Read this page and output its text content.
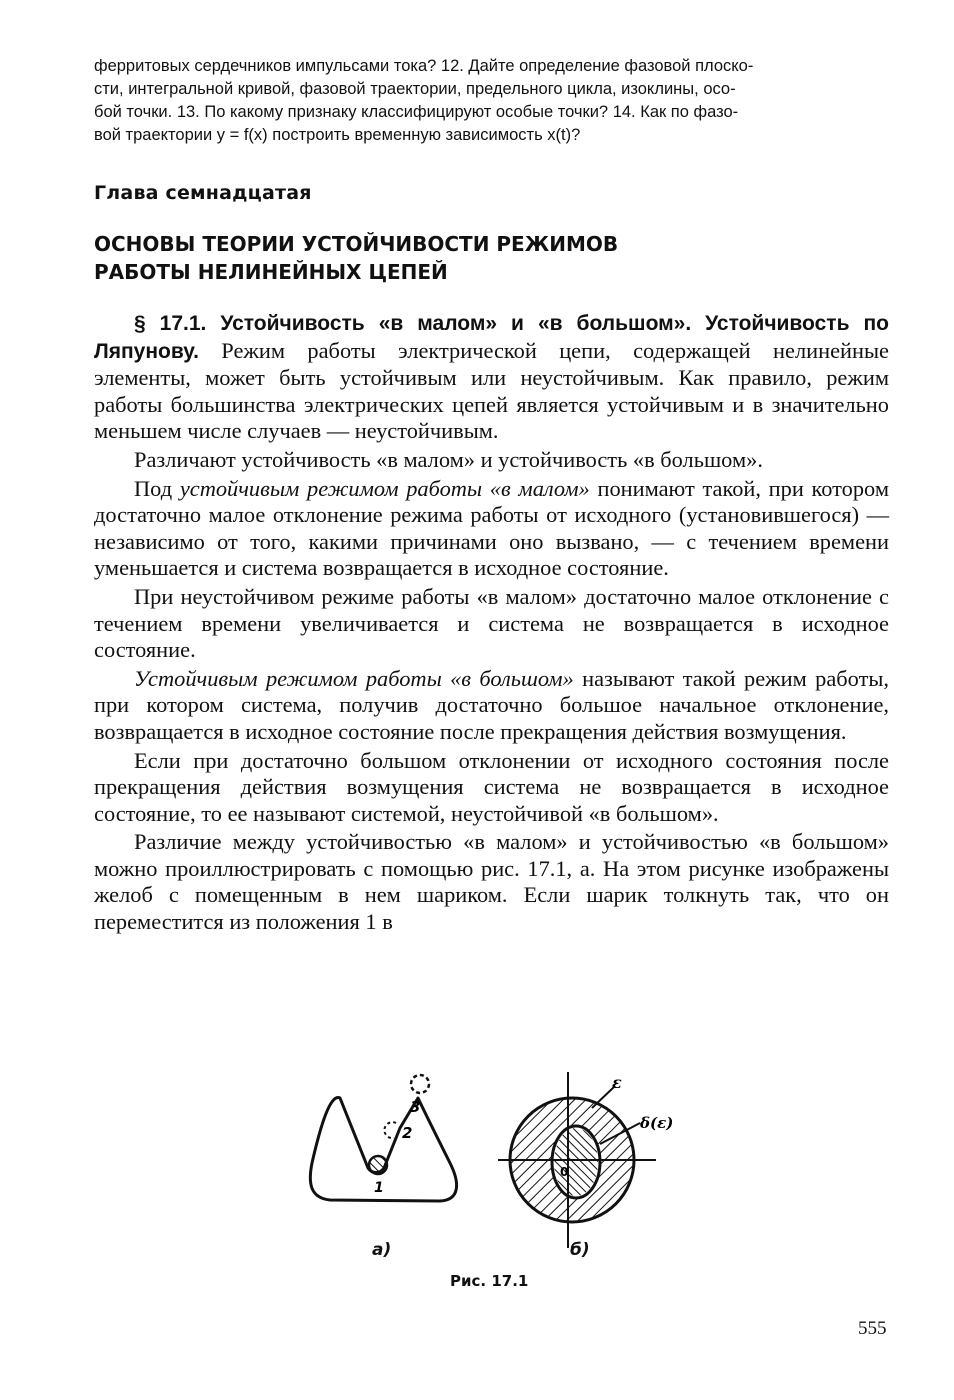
ферритовых сердечников импульсами тока? 12. Дайте определение фазовой плоско-

сти, интегральной кривой, фазовой траектории, предельного цикла, изоклины, осо-

бой точки. 13. По какому признаку классифицируют особые точки? 14. Как по фазо-

вой траектории y = f(x) построить временную зависимость x(t)?

Глава семнадцатая
ОСНОВЫ ТЕОРИИ УСТОЙЧИВОСТИ РЕЖИМОВ
РАБОТЫ НЕЛИНЕЙНЫХ ЦЕПЕЙ

§ 17.1. Устойчивость «в малом» и «в большом». Устойчивость по Ляпунову. Режим работы электрической цепи, содержащей нелинейные элементы, может быть устойчивым или неустойчивым. Как правило, режим работы большинства электрических цепей является устойчивым и в значительно меньшем числе случаев — неустойчивым.

Различают устойчивость «в малом» и устойчивость «в большом».

Под устойчивым режимом работы «в малом» понимают такой, при котором достаточно малое отклонение режима работы от исходного (установившегося) — независимо от того, какими причинами оно вызвано, — с течением времени уменьшается и система возвращается в исходное состояние.

При неустойчивом режиме работы «в малом» достаточно малое отклонение с течением времени увеличивается и система не возвращается в исходное состояние.

Устойчивым режимом работы «в большом» называют такой режим работы, при котором система, получив достаточно большое начальное отклонение, возвращается в исходное состояние после прекращения действия возмущения.

Если при достаточно большом отклонении от исходного состояния после прекращения действия возмущения система не возвращается в исходное состояние, то ее называют системой, неустойчивой «в большом».

Различие между устойчивостью «в малом» и устойчивостью «в большом» можно проиллюстрировать с помощью рис. 17.1, а. На этом рисунке изображены желоб с помещенным в нем шариком. Если шарик толкнуть так, что он переместится из положения 1 в

1
2
3
ε
δ(ε)
0
а)	б)
Рис. 17.1
555
